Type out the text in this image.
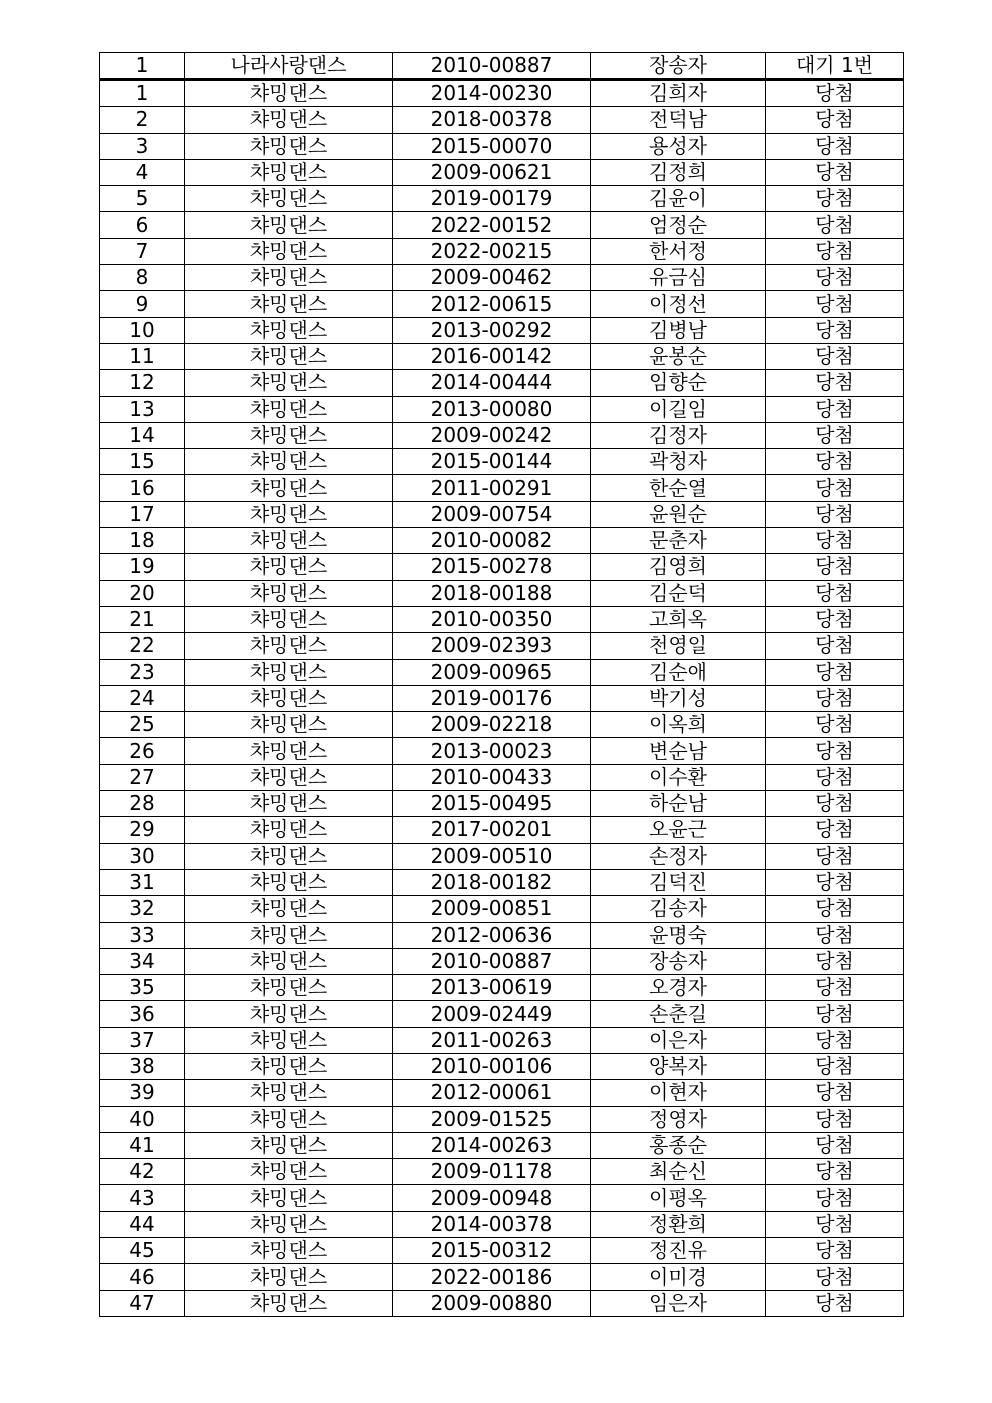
1	나라사랑댄스	2010-00887	장송자	대기 1번
1	챠밍댄스	2014-00230	김희자	당첨
2	챠밍댄스	2018-00378	전덕남	당첨
3	챠밍댄스	2015-00070	용성자	당첨
4	챠밍댄스	2009-00621	김정희	당첨
5	챠밍댄스	2019-00179	김윤이	당첨
6	챠밍댄스	2022-00152	엄정순	당첨
7	챠밍댄스	2022-00215	한서정	당첨
8	챠밍댄스	2009-00462	유금심	당첨
9	챠밍댄스	2012-00615	이정선	당첨
10	챠밍댄스	2013-00292	김병남	당첨
11	챠밍댄스	2016-00142	윤봉순	당첨
12	챠밍댄스	2014-00444	임향순	당첨
13	챠밍댄스	2013-00080	이길임	당첨
14	챠밍댄스	2009-00242	김정자	당첨
15	챠밍댄스	2015-00144	곽청자	당첨
16	챠밍댄스	2011-00291	한순열	당첨
17	챠밍댄스	2009-00754	윤원순	당첨
18	챠밍댄스	2010-00082	문춘자	당첨
19	챠밍댄스	2015-00278	김영희	당첨
20	챠밍댄스	2018-00188	김순덕	당첨
21	챠밍댄스	2010-00350	고희옥	당첨
22	챠밍댄스	2009-02393	천영일	당첨
23	챠밍댄스	2009-00965	김순애	당첨
24	챠밍댄스	2019-00176	박기성	당첨
25	챠밍댄스	2009-02218	이옥희	당첨
26	챠밍댄스	2013-00023	변순남	당첨
27	챠밍댄스	2010-00433	이수환	당첨
28	챠밍댄스	2015-00495	하순남	당첨
29	챠밍댄스	2017-00201	오윤근	당첨
30	챠밍댄스	2009-00510	손정자	당첨
31	챠밍댄스	2018-00182	김덕진	당첨
32	챠밍댄스	2009-00851	김송자	당첨
33	챠밍댄스	2012-00636	윤명숙	당첨
34	챠밍댄스	2010-00887	장송자	당첨
35	챠밍댄스	2013-00619	오경자	당첨
36	챠밍댄스	2009-02449	손춘길	당첨
37	챠밍댄스	2011-00263	이은자	당첨
38	챠밍댄스	2010-00106	양복자	당첨
39	챠밍댄스	2012-00061	이현자	당첨
40	챠밍댄스	2009-01525	정영자	당첨
41	챠밍댄스	2014-00263	홍종순	당첨
42	챠밍댄스	2009-01178	최순신	당첨
43	챠밍댄스	2009-00948	이평옥	당첨
44	챠밍댄스	2014-00378	정환희	당첨
45	챠밍댄스	2015-00312	정진유	당첨
46	챠밍댄스	2022-00186	이미경	당첨
47	챠밍댄스	2009-00880	임은자	당첨
